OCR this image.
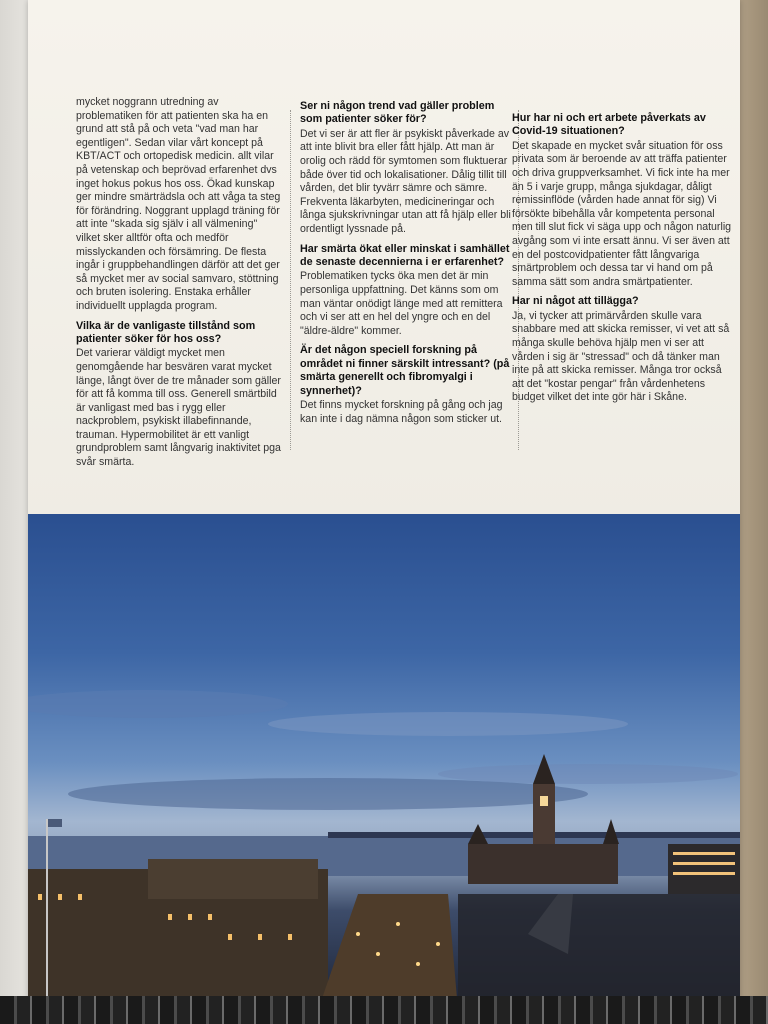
mycket noggrann utredning av problematiken för att patienten ska ha en grund att stå på och veta "vad man har egentligen". Sedan vilar vårt koncept på KBT/ACT och ortopedisk medicin. allt vilar på vetenskap och beprövad erfarenhet dvs inget hokus pokus hos oss. Ökad kunskap ger mindre smärträdsla och att våga ta steg för förändring. Noggrant upplagd träning för att inte "skada sig själv i all välmening" vilket sker alltför ofta och medför misslyckanden och försämring. De flesta ingår i gruppbehandlingen därför att det ger så mycket mer av social samvaro, stöttning och bruten isolering. Enstaka erhåller individuellt upplagda program.

Vilka är de vanligaste tillstånd som patienter söker för hos oss?

Det varierar väldigt mycket men genomgående har besvären varat mycket länge, långt över de tre månader som gäller för att få komma till oss. Generell smärtbild är vanligast med bas i rygg eller nackproblem, psykiskt illabefinnande, trauman. Hypermobilitet är ett vanligt grundproblem samt långvarig inaktivitet pga svår smärta.

Ser ni någon trend vad gäller problem som patienter söker för?

Det vi ser är att fler är psykiskt påverkade av att inte blivit bra eller fått hjälp. Att man är orolig och rädd för symtomen som fluktuerar både över tid och lokalisationer. Dålig tillit till vården, det blir tyvärr sämre och sämre. Frekventa läkarbyten, medicineringar och långa sjukskrivningar utan att få hjälp eller bli ordentligt lyssnade på.

Har smärta ökat eller minskat i samhället de senaste decennierna i er erfarenhet?

Problematiken tycks öka men det är min personliga uppfattning. Det känns som om man väntar onödigt länge med att remittera och vi ser att en hel del yngre och en del "äldre-äldre" kommer.

Är det någon speciell forskning på området ni finner särskilt intressant? (på smärta generellt och fibromyalgi i synnerhet)?

Det finns mycket forskning på gång och jag kan inte i dag nämna någon som sticker ut.

Hur har ni och ert arbete påverkats av Covid-19 situationen?

Det skapade en mycket svår situation för oss privata som är beroende av att träffa patienter och driva gruppverksamhet. Vi fick inte ha mer än 5 i varje grupp, många sjukdagar, dåligt remissinflöde (vården hade annat för sig) Vi försökte bibehålla vår kompetenta personal men till slut fick vi säga upp och någon naturlig avgång som vi inte ersatt ännu. Vi ser även att en del postcovidpatienter fått långvariga smärtproblem och dessa tar vi hand om på samma sätt som andra smärtpatienter.

Har ni något att tillägga?

Ja, vi tycker att primärvården skulle vara snabbare med att skicka remisser, vi vet att så många skulle behöva hjälp men vi ser att vården i sig är "stressad" och då tänker man inte på att skicka remisser. Många tror också att det "kostar pengar" från vårdenhetens budget vilket det inte gör här i Skåne.
